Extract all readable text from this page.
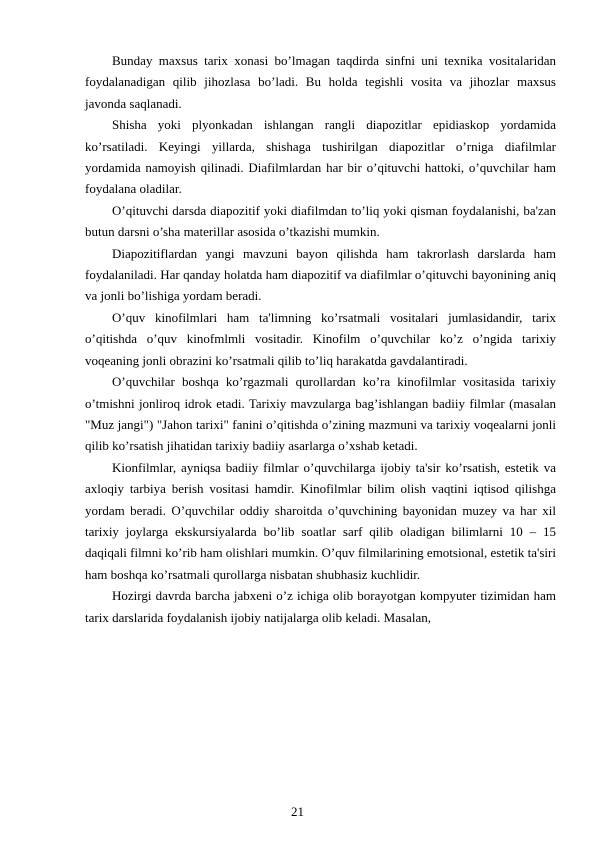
Bunday maxsus tarix xonasi bo’lmagan taqdirda sinfni uni texnika vositalaridan foydalanadigan qilib jihozlasa bo’ladi. Bu holda tegishli vosita va jihozlar maxsus javonda saqlanadi.

Shisha yoki plyonkadan ishlangan rangli diapozitlar epidiaskop yordamida ko’rsatiladi. Keyingi yillarda, shishaga tushirilgan diapozitlar o’rniga diafilmlar yordamida namoyish qilinadi. Diafilmlardan har bir o’qituvchi hattoki, o’quvchilar ham foydalana oladilar.

O’qituvchi darsda diapozitif yoki diafilmdan to’liq yoki qisman foydalanishi, ba'zan butun darsni o’sha materillar asosida o’tkazishi mumkin.

Diapozitiflardan yangi mavzuni bayon qilishda ham takrorlash darslarda ham foydalaniladi. Har qanday holatda ham diapozitif va diafilmlar o’qituvchi bayonining aniq va jonli bo’lishiga yordam beradi.

O’quv kinofilmlari ham ta'limning ko’rsatmali vositalari jumlasidandir, tarix o’qitishda o’quv kinofmlmli vositadir. Kinofilm o’quvchilar ko’z o’ngida tarixiy voqeaning jonli obrazini ko’rsatmali qilib to’liq harakatda gavdalantiradi.

O’quvchilar boshqa ko’rgazmali qurollardan ko’ra kinofilmlar vositasida tarixiy o’tmishni jonliroq idrok etadi. Tarixiy mavzularga bag’ishlangan badiiy filmlar (masalan "Muz jangi") "Jahon tarixi" fanini o’qitishda o’zining mazmuni va tarixiy voqealarni jonli qilib ko’rsatish jihatidan tarixiy badiiy asarlarga o’xshab ketadi.

Kionfilmlar, ayniqsa badiiy filmlar o’quvchilarga ijobiy ta'sir ko’rsatish, estetik va axloqiy tarbiya berish vositasi hamdir. Kinofilmlar bilim olish vaqtini iqtisod qilishga yordam beradi. O’quvchilar oddiy sharoitda o’quvchining bayonidan muzey va har xil tarixiy joylarga ekskursiyalarda bo’lib soatlar sarf qilib oladigan bilimlarni 10 – 15 daqiqali filmni ko’rib ham olishlari mumkin. O’quv filmilarining emotsional, estetik ta'siri ham boshqa ko’rsatmali qurollarga nisbatan shubhasiz kuchlidir.

Hozirgi davrda barcha jabxeni o’z ichiga olib borayotgan kompyuter tizimidan ham tarix darslarida foydalanish ijobiy natijalarga olib keladi. Masalan,

21
